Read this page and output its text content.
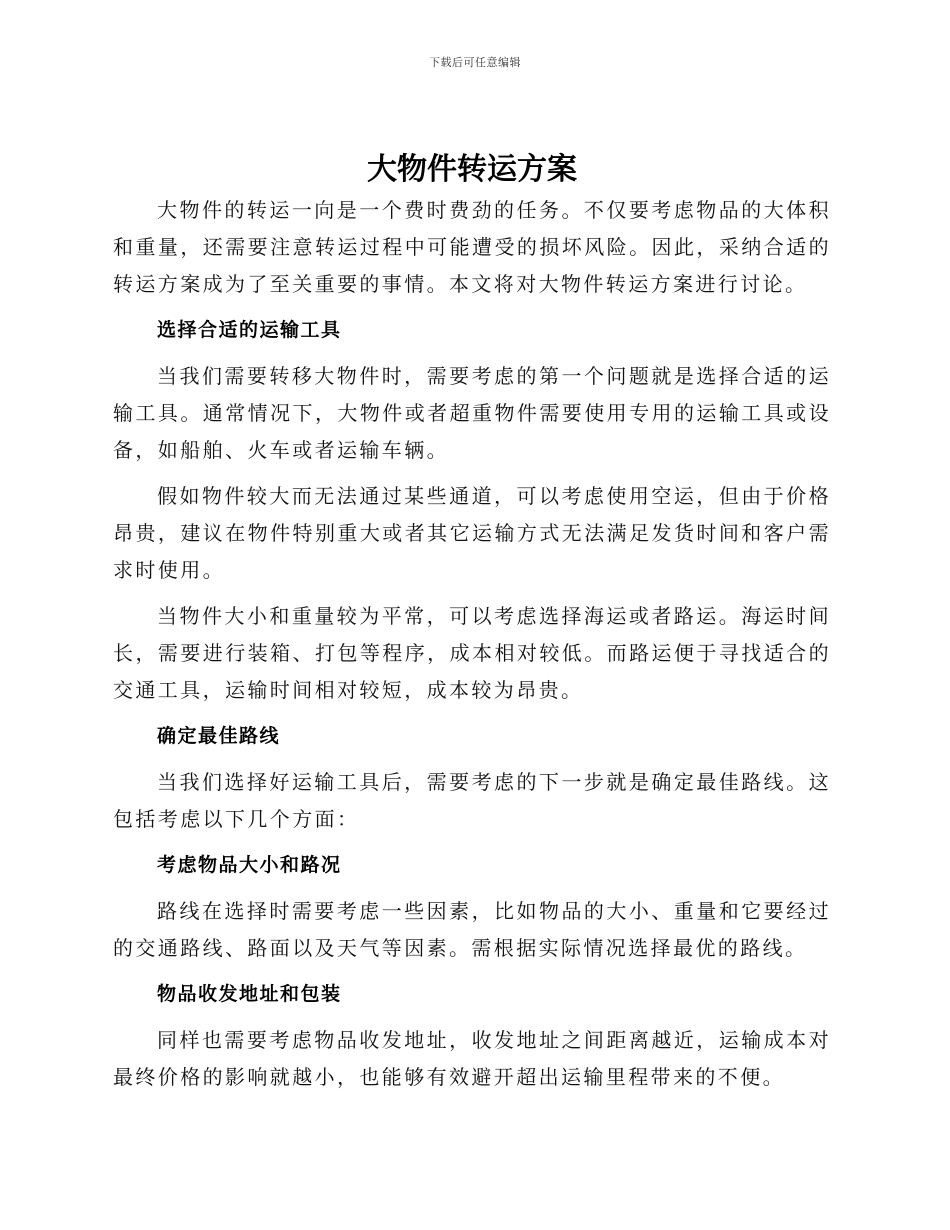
下载后可任意编辑
大物件转运方案

大物件的转运一向是一个费时费劲的任务。不仅要考虑物品的大体积和重量，还需要注意转运过程中可能遭受的损坏风险。因此，采纳合适的转运方案成为了至关重要的事情。本文将对大物件转运方案进行讨论。

选择合适的运输工具

当我们需要转移大物件时，需要考虑的第一个问题就是选择合适的运输工具。通常情况下，大物件或者超重物件需要使用专用的运输工具或设备，如船舶、火车或者运输车辆。

假如物件较大而无法通过某些通道，可以考虑使用空运，但由于价格昂贵，建议在物件特别重大或者其它运输方式无法满足发货时间和客户需求时使用。

当物件大小和重量较为平常，可以考虑选择海运或者路运。海运时间长，需要进行装箱、打包等程序，成本相对较低。而路运便于寻找适合的交通工具，运输时间相对较短，成本较为昂贵。

确定最佳路线

当我们选择好运输工具后，需要考虑的下一步就是确定最佳路线。这包括考虑以下几个方面：

考虑物品大小和路况

路线在选择时需要考虑一些因素，比如物品的大小、重量和它要经过的交通路线、路面以及天气等因素。需根据实际情况选择最优的路线。

物品收发地址和包装

同样也需要考虑物品收发地址，收发地址之间距离越近，运输成本对最终价格的影响就越小，也能够有效避开超出运输里程带来的不便。
